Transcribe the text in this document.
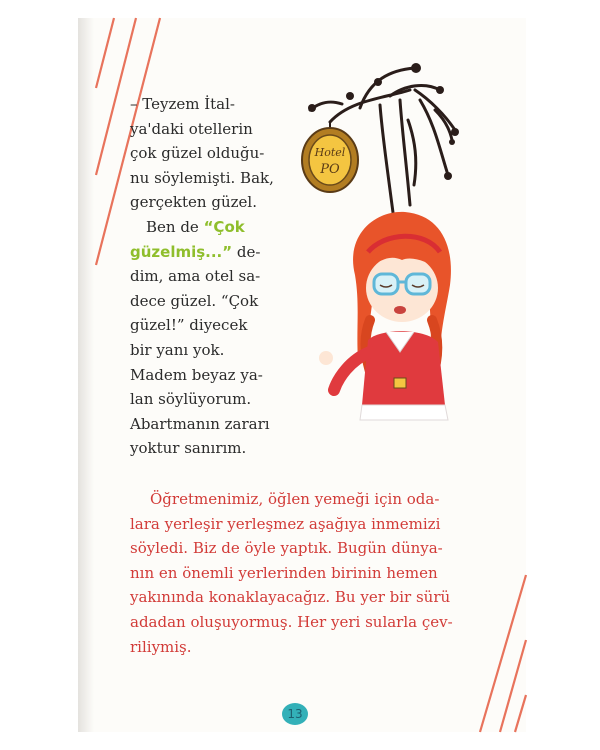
– Teyzem İtal-
ya'daki otellerin
çok güzel olduğu-
nu söylemişti. Bak,
gerçekten güzel.
Ben de “Çok
güzelmiş...” de-
dim, ama otel sa-
dece güzel. “Çok
güzel!” diyecek
bir yanı yok.
Madem beyaz ya-
lan söylüyorum.
Abartmanın zararı
yoktur sanırım.
Öğretmenimiz, öğlen yemeği için oda-
lara yerleşir yerleşmez aşağıya inmemizi
söyledi. Biz de öyle yaptık. Bugün dünya-
nın en önemli yerlerinden birinin hemen
yakınında konaklayacağız. Bu yer bir sürü
adadan oluşuyormuş. Her yeri sularla çev-
riliymiş.
Hotel
PO
13
